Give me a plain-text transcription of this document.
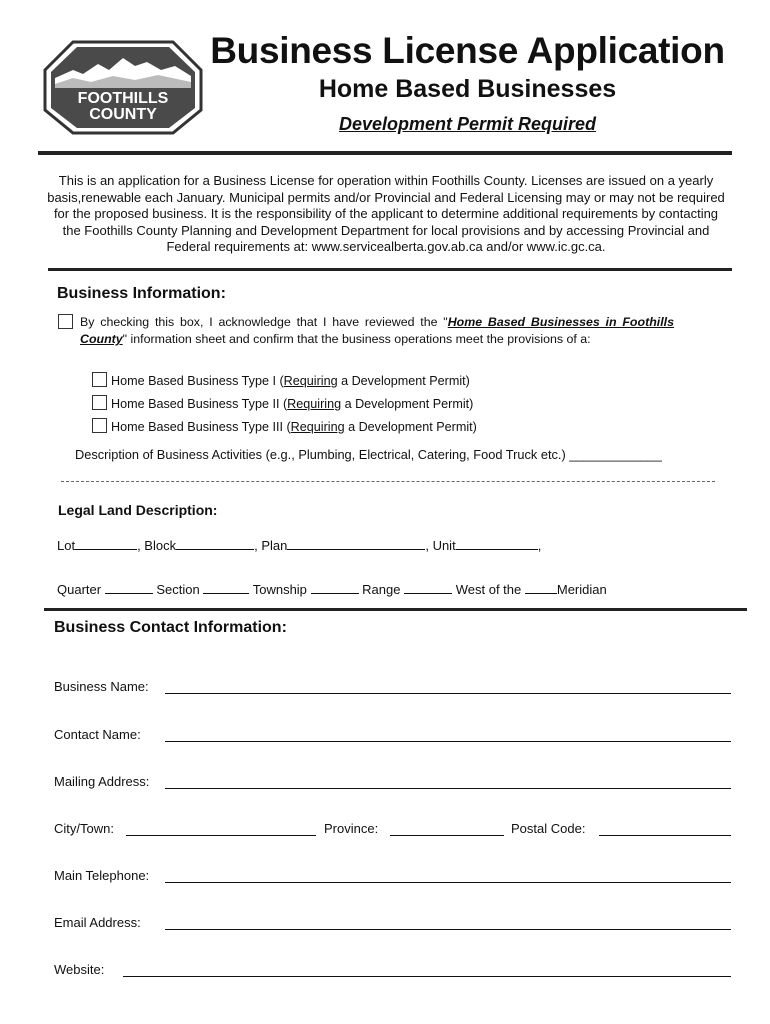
FOOTHILLS
COUNTY
Business License Application
Home Based Businesses
Development Permit Required
This is an application for a Business License for operation within Foothills County. Licenses are issued on a yearly basis,renewable each January. Municipal permits and/or Provincial and Federal Licensing may or may not be required for the proposed business. It is the responsibility of the applicant to determine additional requirements by contacting the Foothills County Planning and Development Department for local provisions and by accessing Provincial and Federal requirements at: www.servicealberta.gov.ab.ca and/or www.ic.gc.ca.
Business Information:
By checking this box, I acknowledge that I have reviewed the "Home Based Businesses in Foothills County" information sheet and confirm that the business operations meet the provisions of a:
Home Based Business Type I (Requiring a Development Permit)
Home Based Business Type II (Requiring a Development Permit)
Home Based Business Type III (Requiring a Development Permit)
Description of Business Activities (e.g., Plumbing, Electrical, Catering, Food Truck etc.) _____________
Legal Land Description:
Lot	, Block	, Plan	, Unit	,
Quarter	Section	Township	Range	West of the	Meridian
Business Contact Information:
Business Name:
Contact Name:
Mailing Address:
City/Town:	Province:	Postal Code:
Main Telephone:
Email Address:
Website:
